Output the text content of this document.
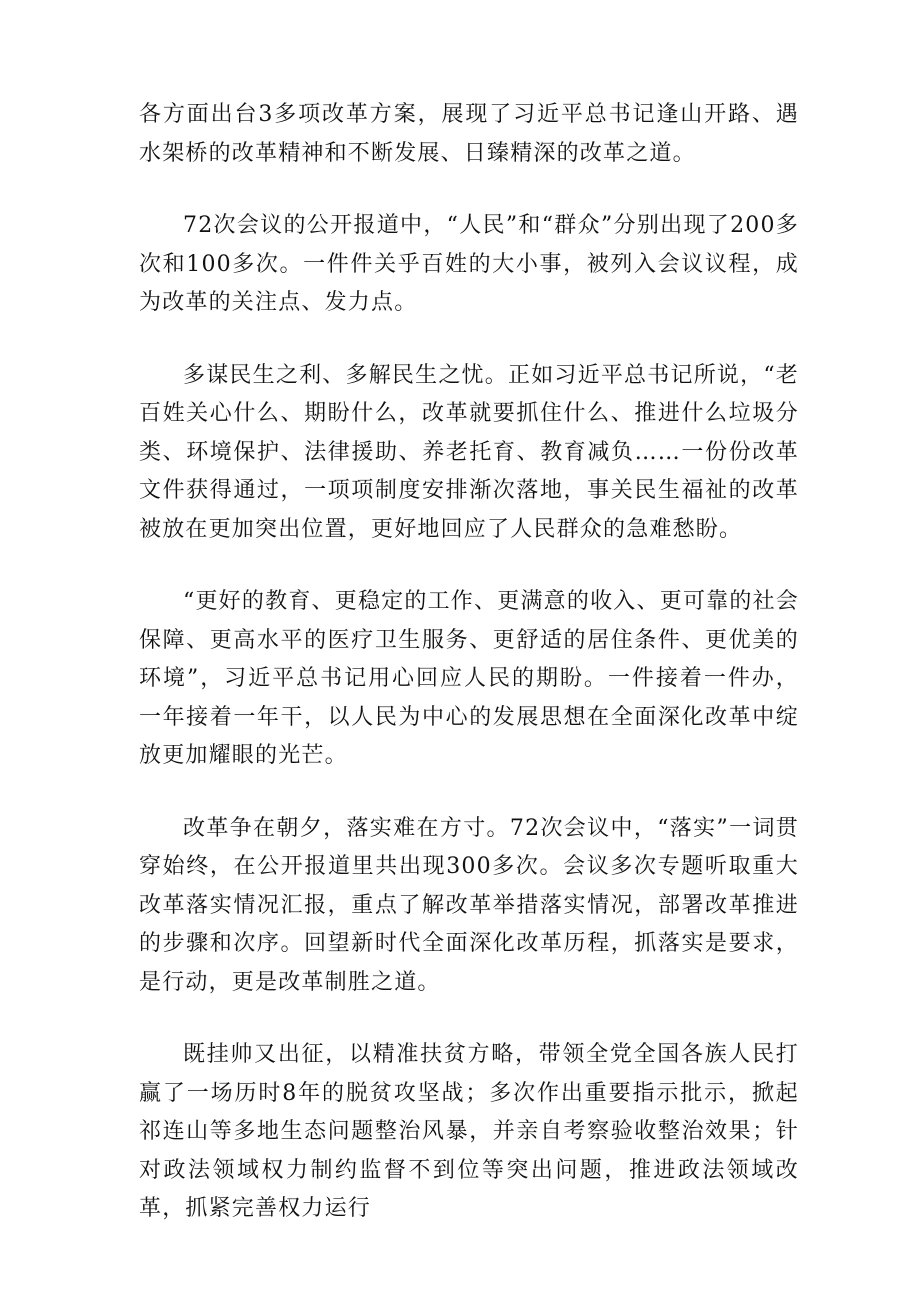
各方面出台3多项改革方案，展现了习近平总书记逢山开路、遇水架桥的改革精神和不断发展、日臻精深的改革之道。

72次会议的公开报道中，“人民”和“群众”分别出现了200多次和100多次。一件件关乎百姓的大小事，被列入会议议程，成为改革的关注点、发力点。

多谋民生之利、多解民生之忧。正如习近平总书记所说，“老百姓关心什么、期盼什么，改革就要抓住什么、推进什么垃圾分类、环境保护、法律援助、养老托育、教育减负……一份份改革文件获得通过，一项项制度安排渐次落地，事关民生福祉的改革被放在更加突出位置，更好地回应了人民群众的急难愁盼。

“更好的教育、更稳定的工作、更满意的收入、更可靠的社会保障、更高水平的医疗卫生服务、更舒适的居住条件、更优美的环境”，习近平总书记用心回应人民的期盼。一件接着一件办，一年接着一年干，以人民为中心的发展思想在全面深化改革中绽放更加耀眼的光芒。

改革争在朝夕，落实难在方寸。72次会议中，“落实”一词贯穿始终，在公开报道里共出现300多次。会议多次专题听取重大改革落实情况汇报，重点了解改革举措落实情况，部署改革推进的步骤和次序。回望新时代全面深化改革历程，抓落实是要求，是行动，更是改革制胜之道。

既挂帅又出征，以精准扶贫方略，带领全党全国各族人民打赢了一场历时8年的脱贫攻坚战；多次作出重要指示批示，掀起祁连山等多地生态问题整治风暴，并亲自考察验收整治效果；针对政法领域权力制约监督不到位等突出问题，推进政法领域改革，抓紧完善权力运行
